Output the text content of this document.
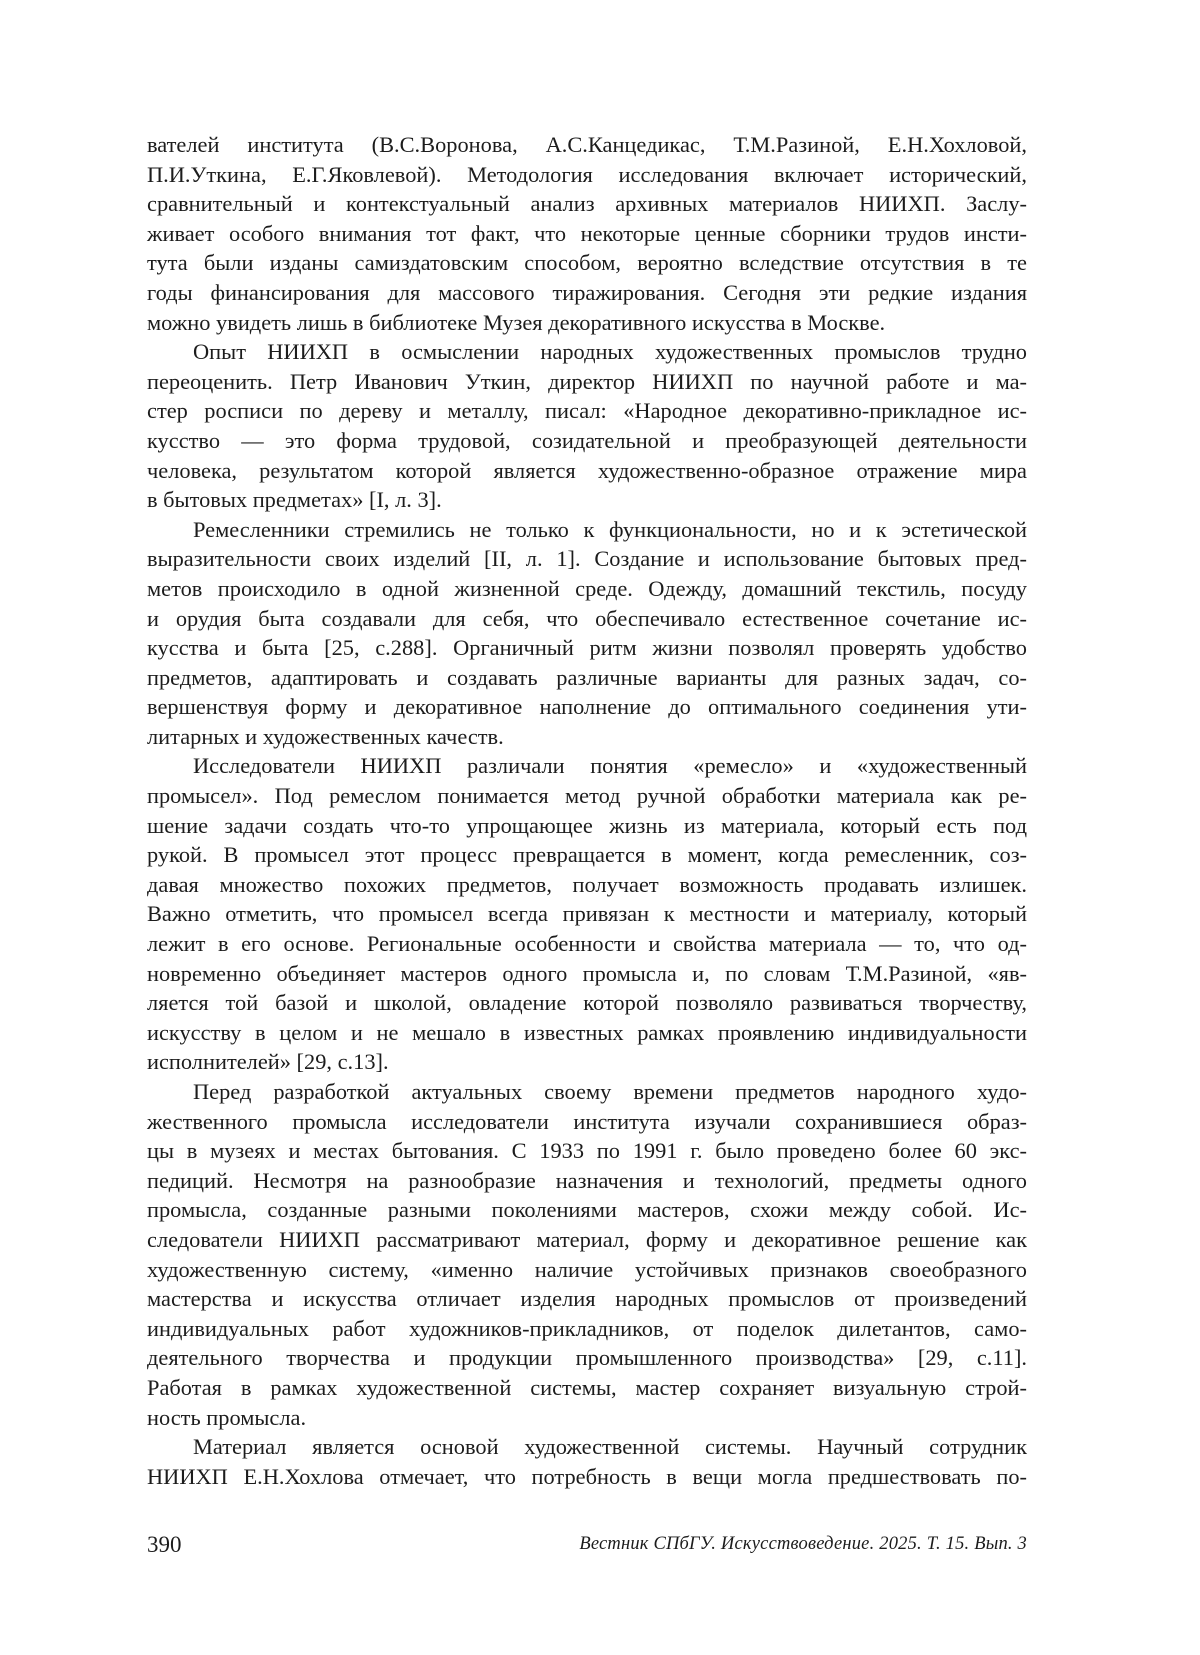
вателей института (В.С.Воронова, А.С.Канцедикас, Т.М.Разиной, Е.Н.Хохловой,
П.И.Уткина, Е.Г.Яковлевой). Методология исследования включает исторический,
сравнительный и контекстуальный анализ архивных материалов НИИХП. Заслу-
живает особого внимания тот факт, что некоторые ценные сборники трудов инсти-
тута были изданы самиздатовским способом, вероятно вследствие отсутствия в те
годы финансирования для массового тиражирования. Сегодня эти редкие издания
можно увидеть лишь в библиотеке Музея декоративного искусства в Москве.

Опыт НИИХП в осмыслении народных художественных промыслов трудно
переоценить. Петр Иванович Уткин, директор НИИХП по научной работе и ма-
стер росписи по дереву и металлу, писал: «Народное декоративно-прикладное ис-
кусство — это форма трудовой, созидательной и преобразующей деятельности
человека, результатом которой является художественно-образное отражение мира
в бытовых предметах» [I, л. 3].

Ремесленники стремились не только к функциональности, но и к эстетической
выразительности своих изделий [II, л. 1]. Создание и использование бытовых пред-
метов происходило в одной жизненной среде. Одежду, домашний текстиль, посуду
и орудия быта создавали для себя, что обеспечивало естественное сочетание ис-
кусства и быта [25, с.288]. Органичный ритм жизни позволял проверять удобство
предметов, адаптировать и создавать различные варианты для разных задач, со-
вершенствуя форму и декоративное наполнение до оптимального соединения ути-
литарных и художественных качеств.

Исследователи НИИХП различали понятия «ремесло» и «художественный
промысел». Под ремеслом понимается метод ручной обработки материала как ре-
шение задачи создать что-то упрощающее жизнь из материала, который есть под
рукой. В промысел этот процесс превращается в момент, когда ремесленник, соз-
давая множество похожих предметов, получает возможность продавать излишек.
Важно отметить, что промысел всегда привязан к местности и материалу, который
лежит в его основе. Региональные особенности и свойства материала — то, что од-
новременно объединяет мастеров одного промысла и, по словам Т.М.Разиной, «яв-
ляется той базой и школой, овладение которой позволяло развиваться творчеству,
искусству в целом и не мешало в известных рамках проявлению индивидуальности
исполнителей» [29, с.13].

Перед разработкой актуальных своему времени предметов народного худо-
жественного промысла исследователи института изучали сохранившиеся образ-
цы в музеях и местах бытования. С 1933 по 1991 г. было проведено более 60 экс-
педиций. Несмотря на разнообразие назначения и технологий, предметы одного
промысла, созданные разными поколениями мастеров, схожи между собой. Ис-
следователи НИИХП рассматривают материал, форму и декоративное решение как
художественную систему, «именно наличие устойчивых признаков своеобразного
мастерства и искусства отличает изделия народных промыслов от произведений
индивидуальных работ художников-прикладников, от поделок дилетантов, само-
деятельного творчества и продукции промышленного производства» [29, с.11].
Работая в рамках художественной системы, мастер сохраняет визуальную строй-
ность промысла.

Материал является основой художественной системы. Научный сотрудник
НИИХП Е.Н.Хохлова отмечает, что потребность в вещи могла предшествовать по-

390	Вестник СПбГУ. Искусствоведение. 2025. Т. 15. Вып. 3
